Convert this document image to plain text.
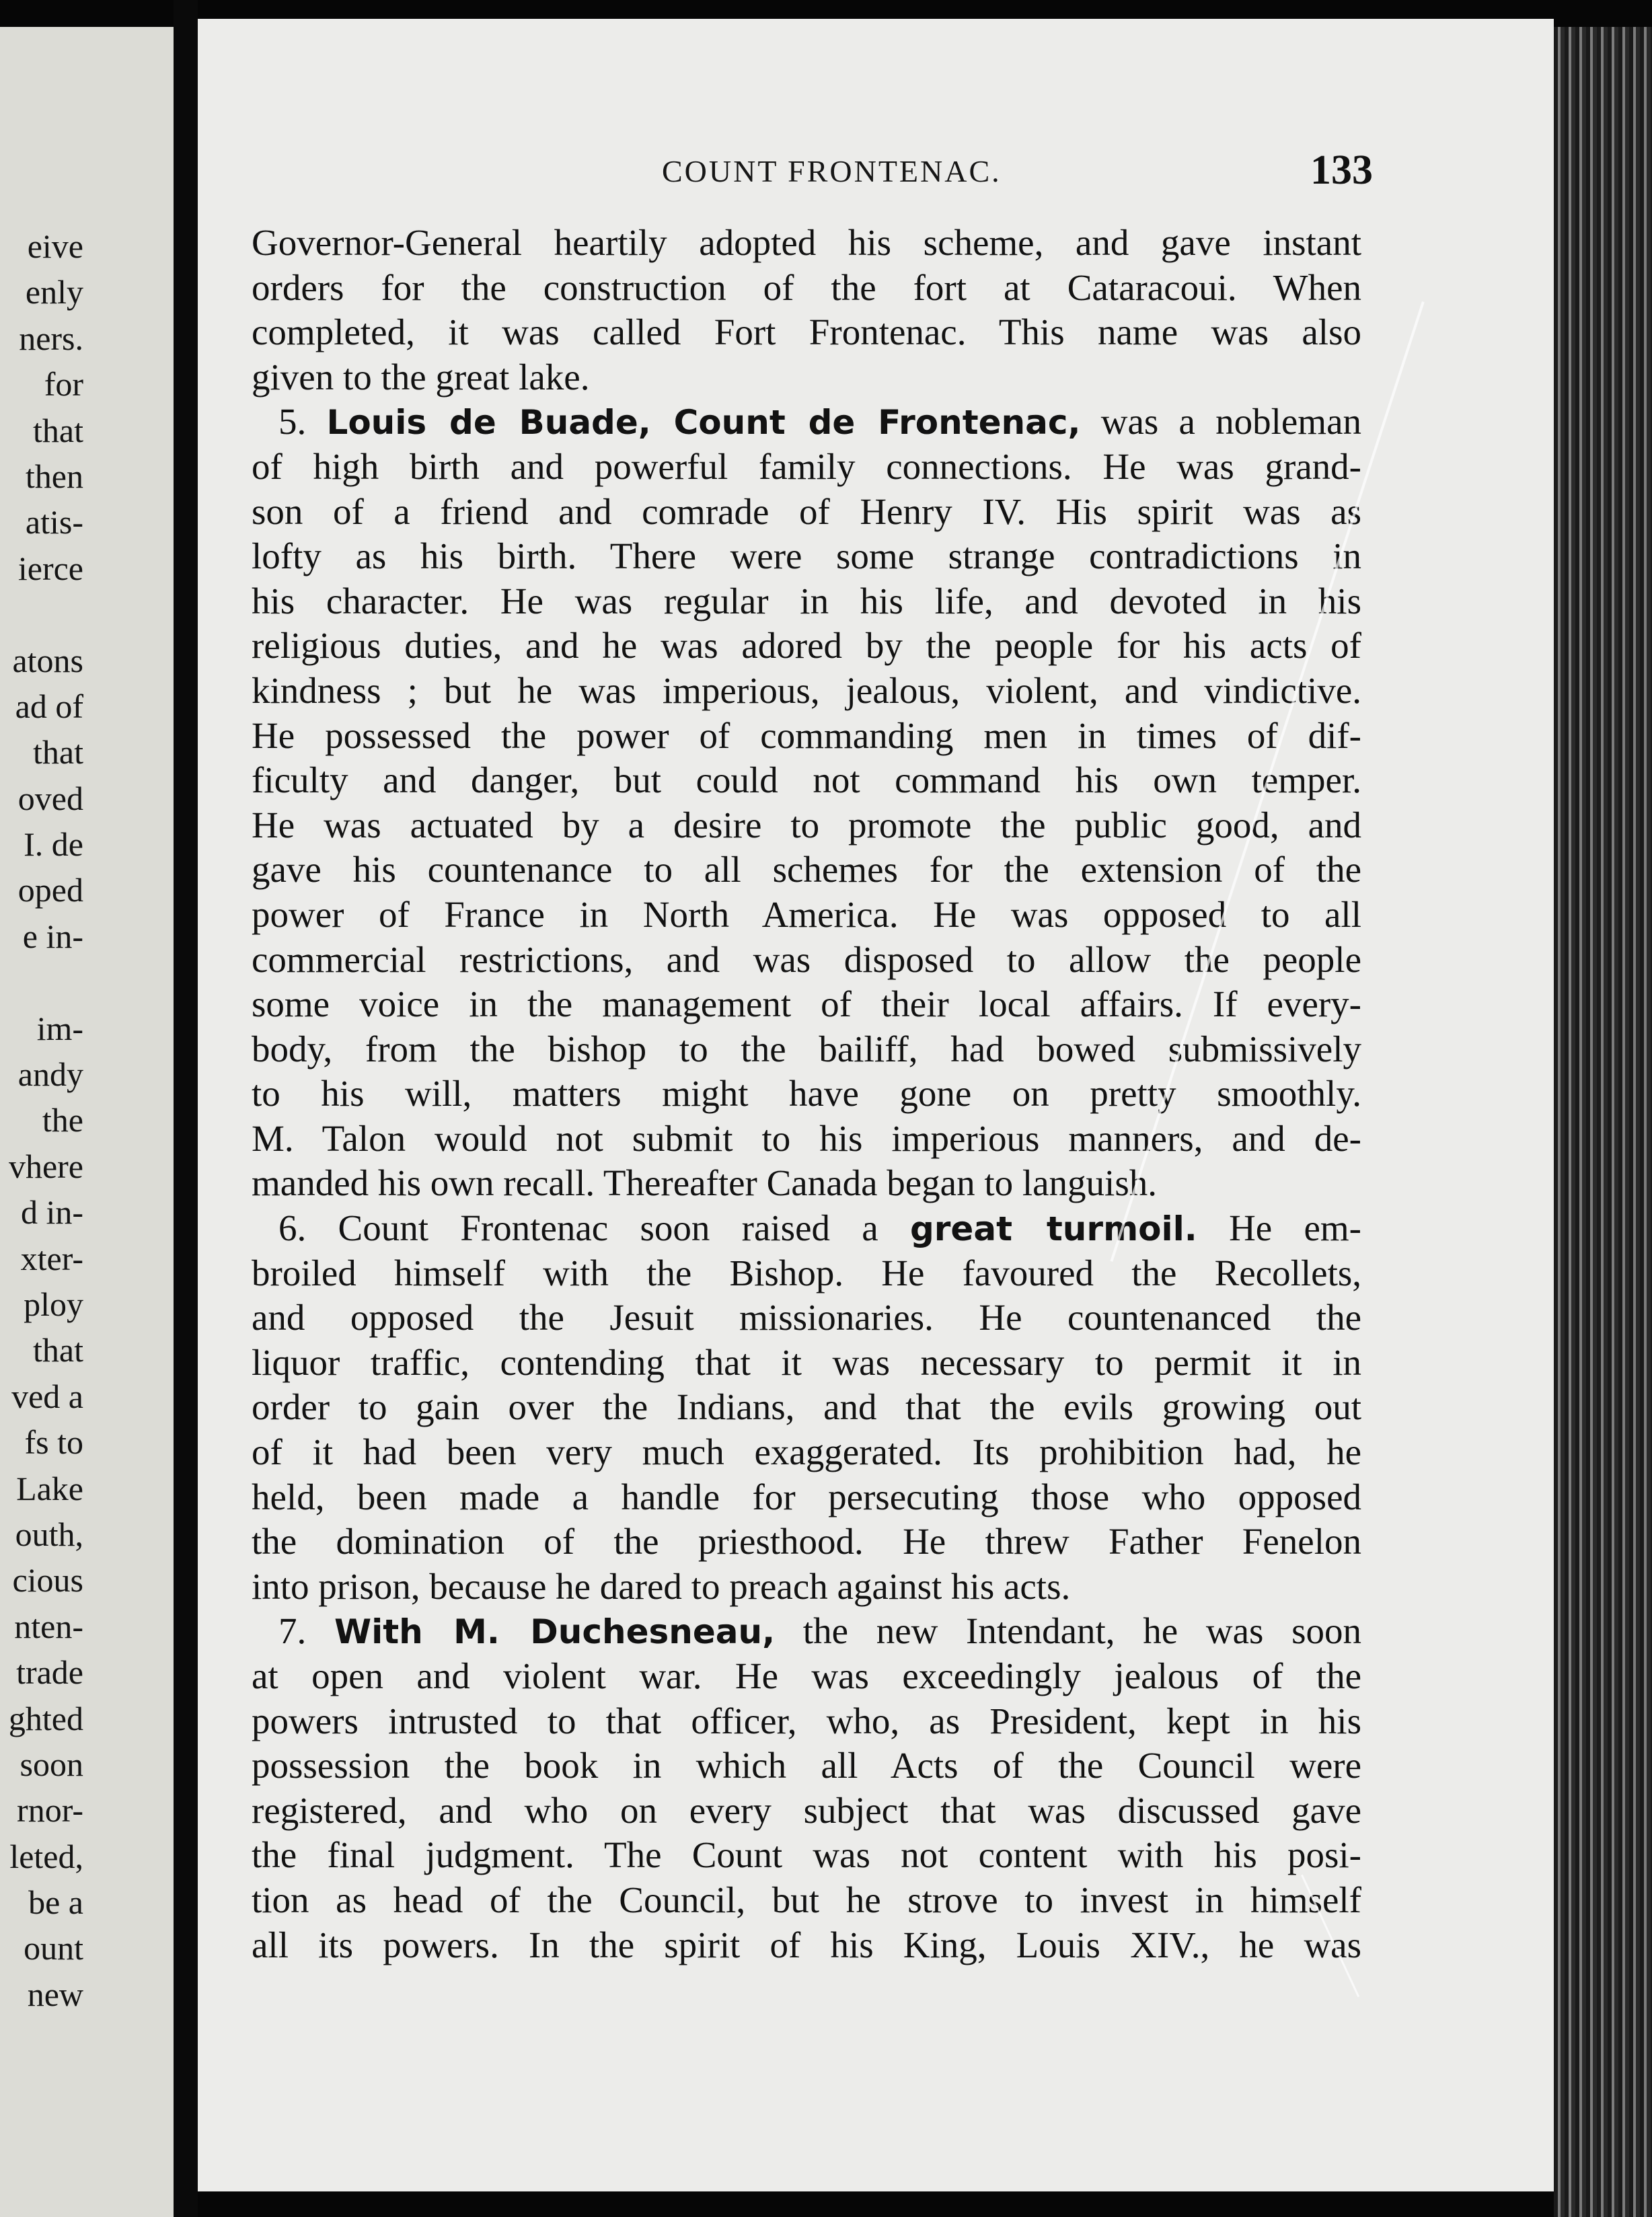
eive
enly
ners.
for
that
then
atis-
ierce
atons
ad of
that
oved
I. de
oped
e in-
im-
andy
the
vhere
d in-
xter-
ploy
that
ved a
fs to
Lake
outh,
cious
nten-
trade
ghted
soon
rnor-
leted,
be a
ount
new
COUNT FRONTENAC.	133
Governor-General heartily adopted his scheme, and gave instant
orders for the construction of the fort at Cataracoui. When
completed, it was called Fort Frontenac. This name was also
given to the great lake.
5. Louis de Buade, Count de Frontenac, was a nobleman
of high birth and powerful family connections. He was grand-
son of a friend and comrade of Henry IV. His spirit was as
lofty as his birth. There were some strange contradictions in
his character. He was regular in his life, and devoted in his
religious duties, and he was adored by the people for his acts of
kindness ; but he was imperious, jealous, violent, and vindictive.
He possessed the power of commanding men in times of dif-
ficulty and danger, but could not command his own temper.
He was actuated by a desire to promote the public good, and
gave his countenance to all schemes for the extension of the
power of France in North America. He was opposed to all
commercial restrictions, and was disposed to allow the people
some voice in the management of their local affairs. If every-
body, from the bishop to the bailiff, had bowed submissively
to his will, matters might have gone on pretty smoothly.
M. Talon would not submit to his imperious manners, and de-
manded his own recall. Thereafter Canada began to languish.
6. Count Frontenac soon raised a great turmoil. He em-
broiled himself with the Bishop. He favoured the Recollets,
and opposed the Jesuit missionaries. He countenanced the
liquor traffic, contending that it was necessary to permit it in
order to gain over the Indians, and that the evils growing out
of it had been very much exaggerated. Its prohibition had, he
held, been made a handle for persecuting those who opposed
the domination of the priesthood. He threw Father Fenelon
into prison, because he dared to preach against his acts.
7. With M. Duchesneau, the new Intendant, he was soon
at open and violent war. He was exceedingly jealous of the
powers intrusted to that officer, who, as President, kept in his
possession the book in which all Acts of the Council were
registered, and who on every subject that was discussed gave
the final judgment. The Count was not content with his posi-
tion as head of the Council, but he strove to invest in himself
all its powers. In the spirit of his King, Louis XIV., he was
